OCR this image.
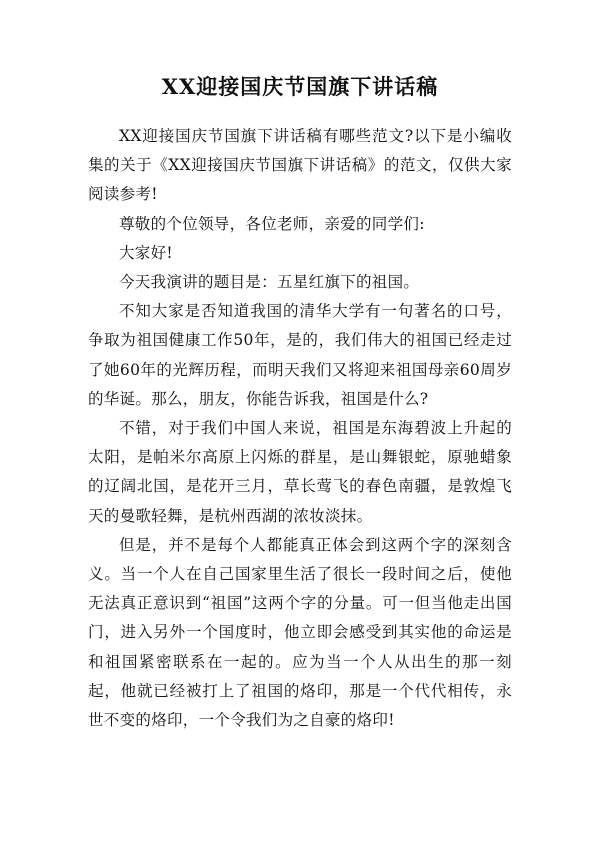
XX迎接国庆节国旗下讲话稿

XX迎接国庆节国旗下讲话稿有哪些范文?以下是小编收集的关于《XX迎接国庆节国旗下讲话稿》的范文，仅供大家阅读参考!

尊敬的个位领导，各位老师，亲爱的同学们:

大家好!

今天我演讲的题目是：五星红旗下的祖国。

不知大家是否知道我国的清华大学有一句著名的口号，争取为祖国健康工作50年，是的，我们伟大的祖国已经走过了她60年的光辉历程，而明天我们又将迎来祖国母亲60周岁的华诞。那么，朋友，你能告诉我，祖国是什么?

不错，对于我们中国人来说，祖国是东海碧波上升起的太阳，是帕米尔高原上闪烁的群星，是山舞银蛇，原驰蜡象的辽阔北国，是花开三月，草长莺飞的春色南疆，是敦煌飞天的曼歌轻舞，是杭州西湖的浓妆淡抹。

但是，并不是每个人都能真正体会到这两个字的深刻含义。当一个人在自己国家里生活了很长一段时间之后，使他无法真正意识到“祖国”这两个字的分量。可一但当他走出国门，进入另外一个国度时，他立即会感受到其实他的命运是和祖国紧密联系在一起的。应为当一个人从出生的那一刻起，他就已经被打上了祖国的烙印，那是一个代代相传，永世不变的烙印，一个令我们为之自豪的烙印!
